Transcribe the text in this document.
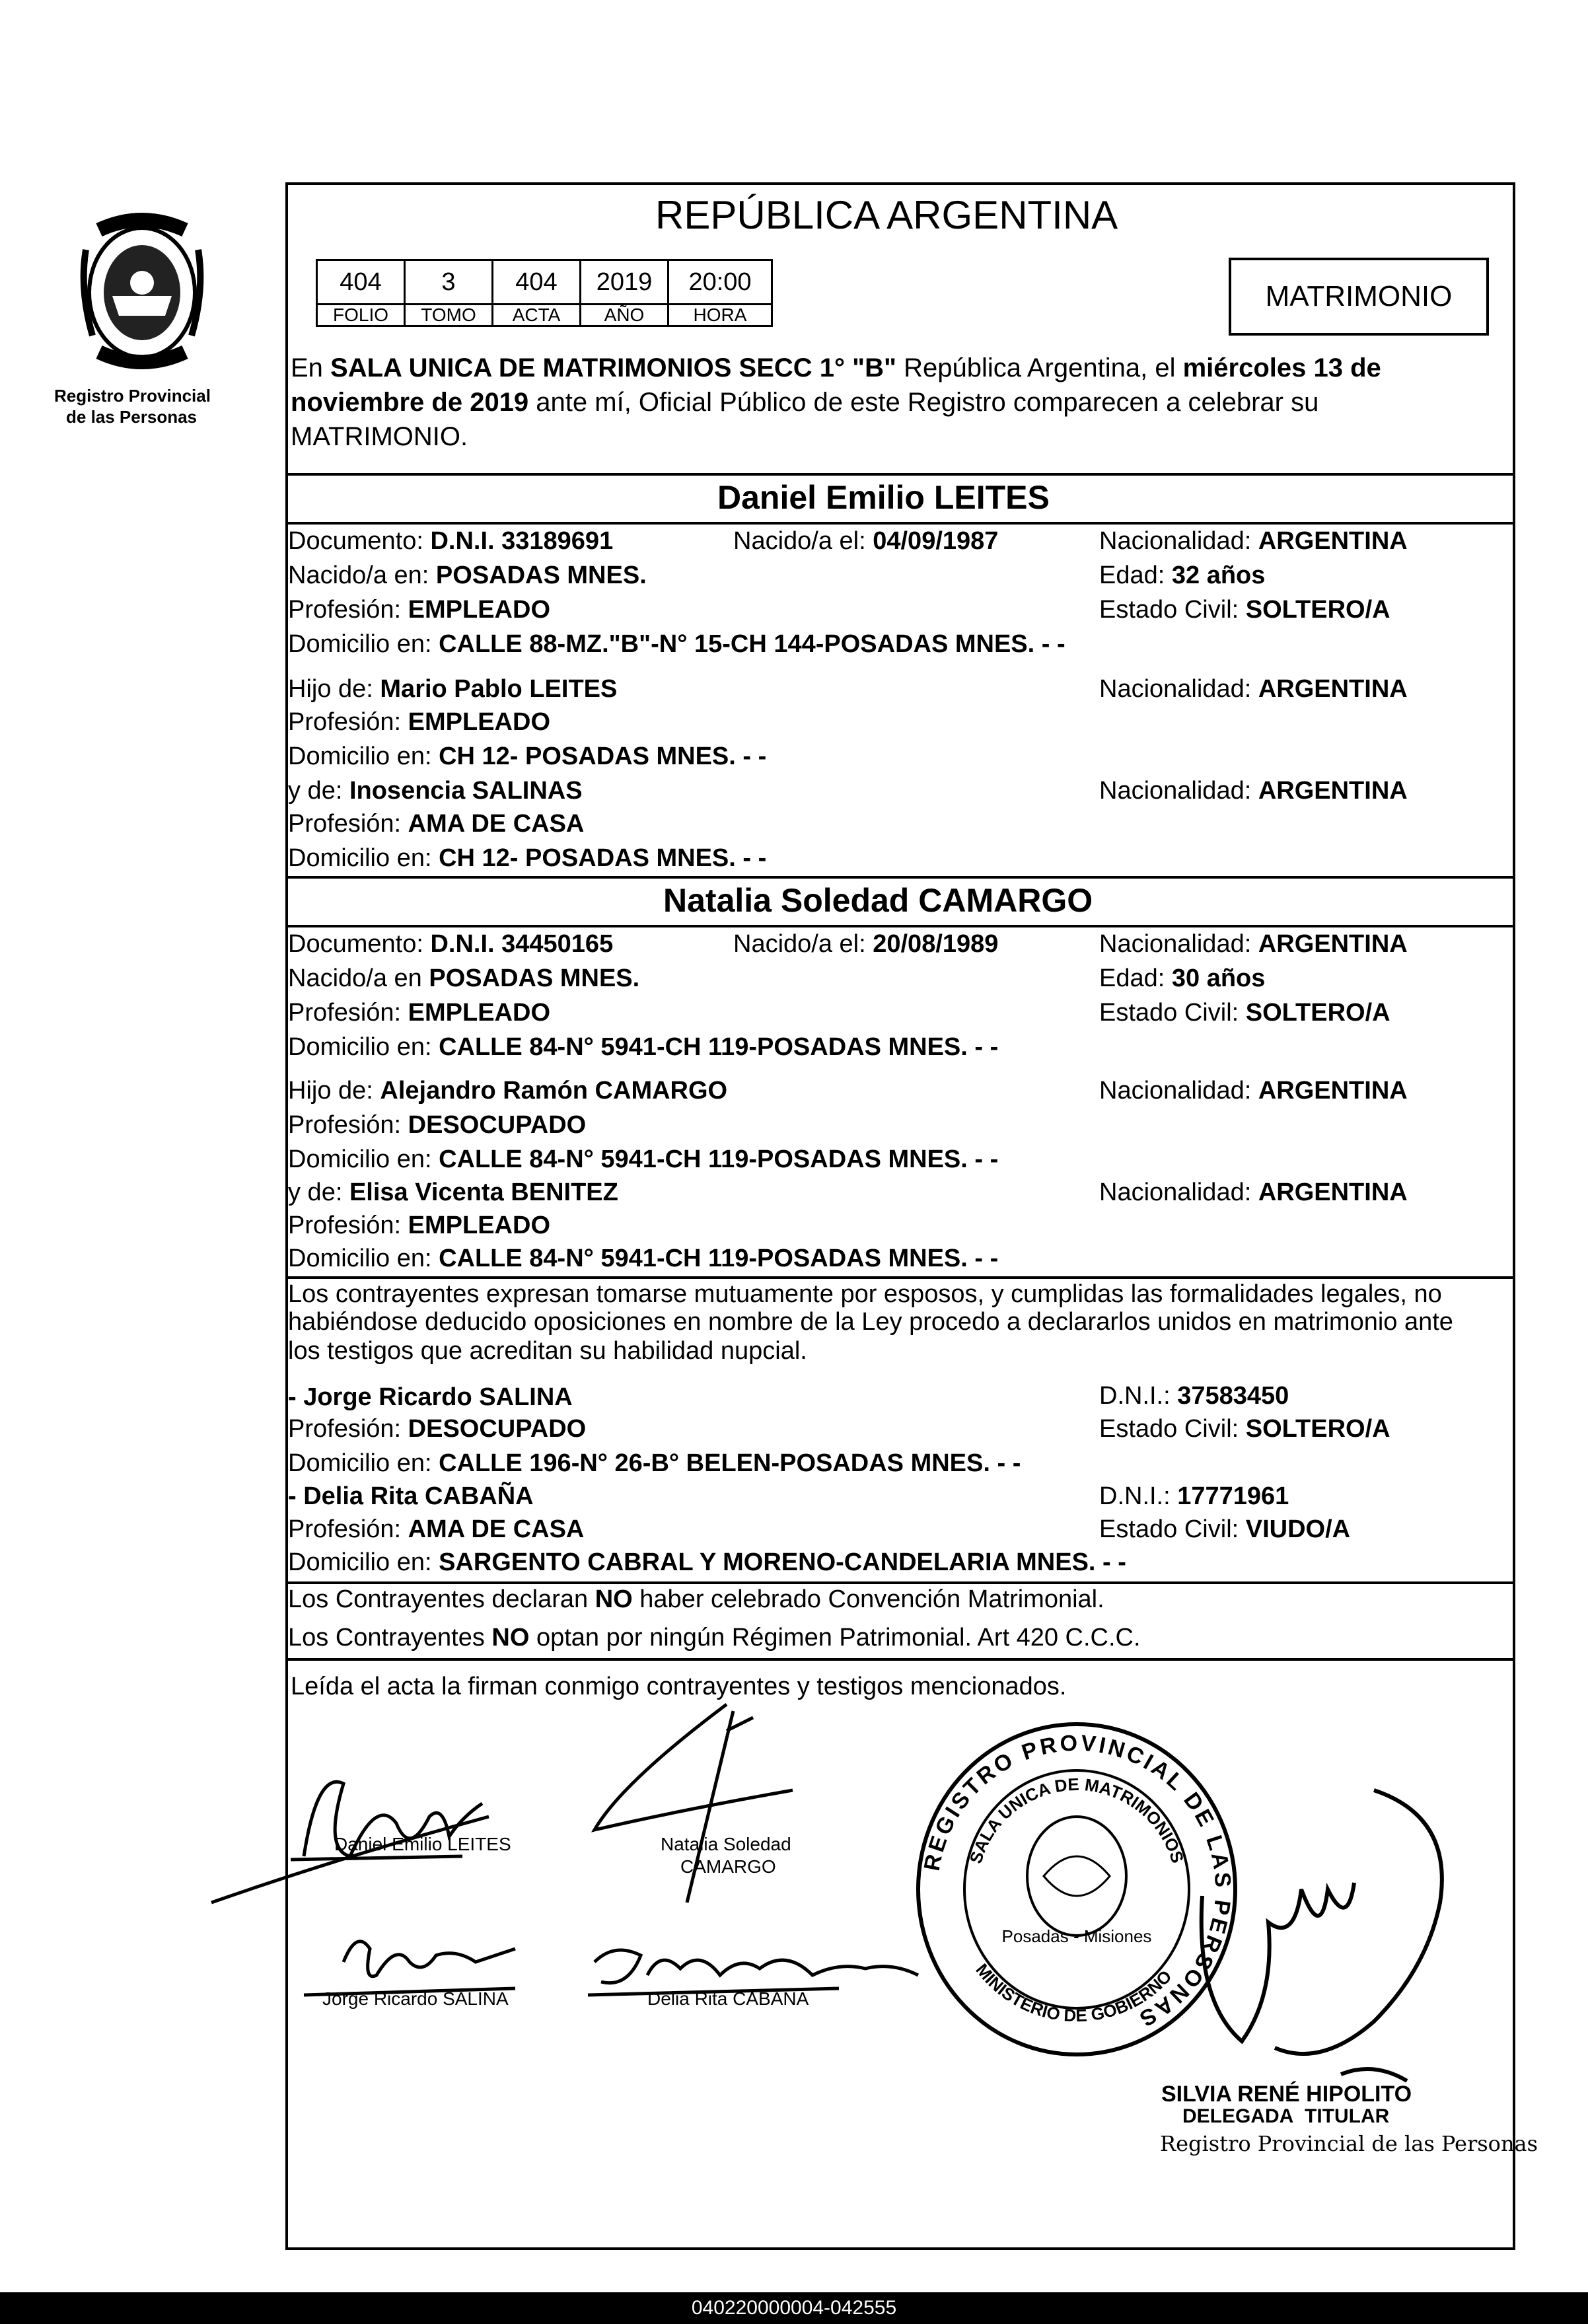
Registro Provincial
de las Personas
REPÚBLICA ARGENTINA
404	3	404	2019	20:00
FOLIO	TOMO	ACTA	AÑO	HORA
MATRIMONIO
En SALA UNICA DE MATRIMONIOS SECC 1° "B" República Argentina, el miércoles 13 de
noviembre de 2019 ante mí, Oficial Público de este Registro comparecen a celebrar su
MATRIMONIO.
Daniel Emilio LEITES
Documento: D.N.I. 33189691	Nacido/a el: 04/09/1987	Nacionalidad: ARGENTINA
Nacido/a en: POSADAS MNES.	Edad: 32 años
Profesión: EMPLEADO	Estado Civil: SOLTERO/A
Domicilio en: CALLE 88-MZ."B"-N° 15-CH 144-POSADAS MNES. - -
Hijo de: Mario Pablo LEITES	Nacionalidad: ARGENTINA
Profesión: EMPLEADO
Domicilio en: CH 12- POSADAS MNES. - -
y de: Inosencia SALINAS	Nacionalidad: ARGENTINA
Profesión: AMA DE CASA
Domicilio en: CH 12- POSADAS MNES. - -
Natalia Soledad CAMARGO
Documento: D.N.I. 34450165	Nacido/a el: 20/08/1989	Nacionalidad: ARGENTINA
Nacido/a en POSADAS MNES.	Edad: 30 años
Profesión: EMPLEADO	Estado Civil: SOLTERO/A
Domicilio en: CALLE 84-N° 5941-CH 119-POSADAS MNES. - -
Hijo de: Alejandro Ramón CAMARGO	Nacionalidad: ARGENTINA
Profesión: DESOCUPADO
Domicilio en: CALLE 84-N° 5941-CH 119-POSADAS MNES. - -
y de: Elisa Vicenta BENITEZ	Nacionalidad: ARGENTINA
Profesión: EMPLEADO
Domicilio en: CALLE 84-N° 5941-CH 119-POSADAS MNES. - -
Los contrayentes expresan tomarse mutuamente por esposos, y cumplidas las formalidades legales, no
habiéndose deducido oposiciones en nombre de la Ley procedo a declararlos unidos en matrimonio ante
los testigos que acreditan su habilidad nupcial.
- Jorge Ricardo SALINA	D.N.I.: 37583450
Profesión: DESOCUPADO	Estado Civil: SOLTERO/A
Domicilio en: CALLE 196-N° 26-B° BELEN-POSADAS MNES. - -
- Delia Rita CABAÑA	D.N.I.: 17771961
Profesión: AMA DE CASA	Estado Civil: VIUDO/A
Domicilio en: SARGENTO CABRAL Y MORENO-CANDELARIA MNES. - -
Los Contrayentes declaran NO haber celebrado Convención Matrimonial.
Los Contrayentes NO optan por ningún Régimen Patrimonial. Art 420 C.C.C.
Leída el acta la firman conmigo contrayentes y testigos mencionados.
Daniel Emilio LEITES	Natalia Soledad
CAMARGO
Jorge Ricardo SALINA	Delia Rita CABAÑA
REGISTRO PROVINCIAL DE LAS PERSONAS
SALA UNICA DE MATRIMONIOS
MINISTERIO DE GOBIERNO
Posadas - Misiones
SILVIA RENÉ HIPOLITO
DELEGADA TITULAR
Registro Provincial de las Personas
040220000004-042555
